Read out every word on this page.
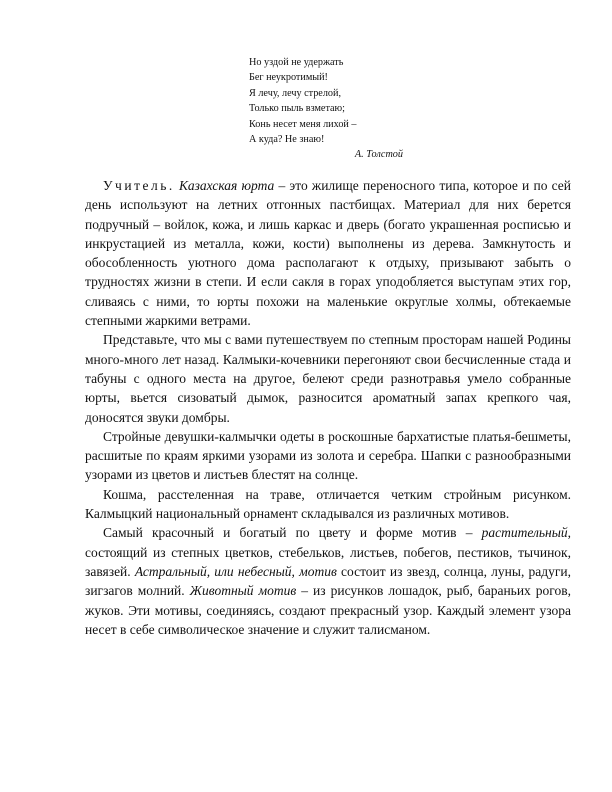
Но уздой не удержать
Бег неукротимый!
Я лечу, лечу стрелой,
Только пыль взметаю;
Конь несет меня лихой –
А куда? Не знаю!
А. Толстой

Учитель. Казахская юрта – это жилище переносного типа, которое и по сей день используют на летних отгонных пастбищах. Материал для них берется подручный – войлок, кожа, и лишь каркас и дверь (богато украшенная росписью и инкрустацией из металла, кожи, кости) выполнены из дерева. Замкнутость и обособленность уютного дома располагают к отдыху, призывают забыть о трудностях жизни в степи. И если сакля в горах уподобляется выступам этих гор, сливаясь с ними, то юрты похожи на маленькие округлые холмы, обтекаемые степными жаркими ветрами.

Представьте, что мы с вами путешествуем по степным просторам нашей Родины много-много лет назад. Калмыки-кочевники перегоняют свои бесчисленные стада и табуны с одного места на другое, белеют среди разнотравья умело собранные юрты, вьется сизоватый дымок, разносится ароматный запах крепкого чая, доносятся звуки домбры.

Стройные девушки-калмычки одеты в роскошные бархатистые платья-бешметы, расшитые по краям яркими узорами из золота и серебра. Шапки с разнообразными узорами из цветов и листьев блестят на солнце.

Кошма, расстеленная на траве, отличается четким стройным рисунком. Калмыцкий национальный орнамент складывался из различных мотивов.

Самый красочный и богатый по цвету и форме мотив – растительный, состоящий из степных цветков, стебельков, листьев, побегов, пестиков, тычинок, завязей. Астральный, или небесный, мотив состоит из звезд, солнца, луны, радуги, зигзагов молний. Животный мотив – из рисунков лошадок, рыб, бараньих рогов, жуков. Эти мотивы, соединяясь, создают прекрасный узор. Каждый элемент узора несет в себе символическое значение и служит талисманом.
